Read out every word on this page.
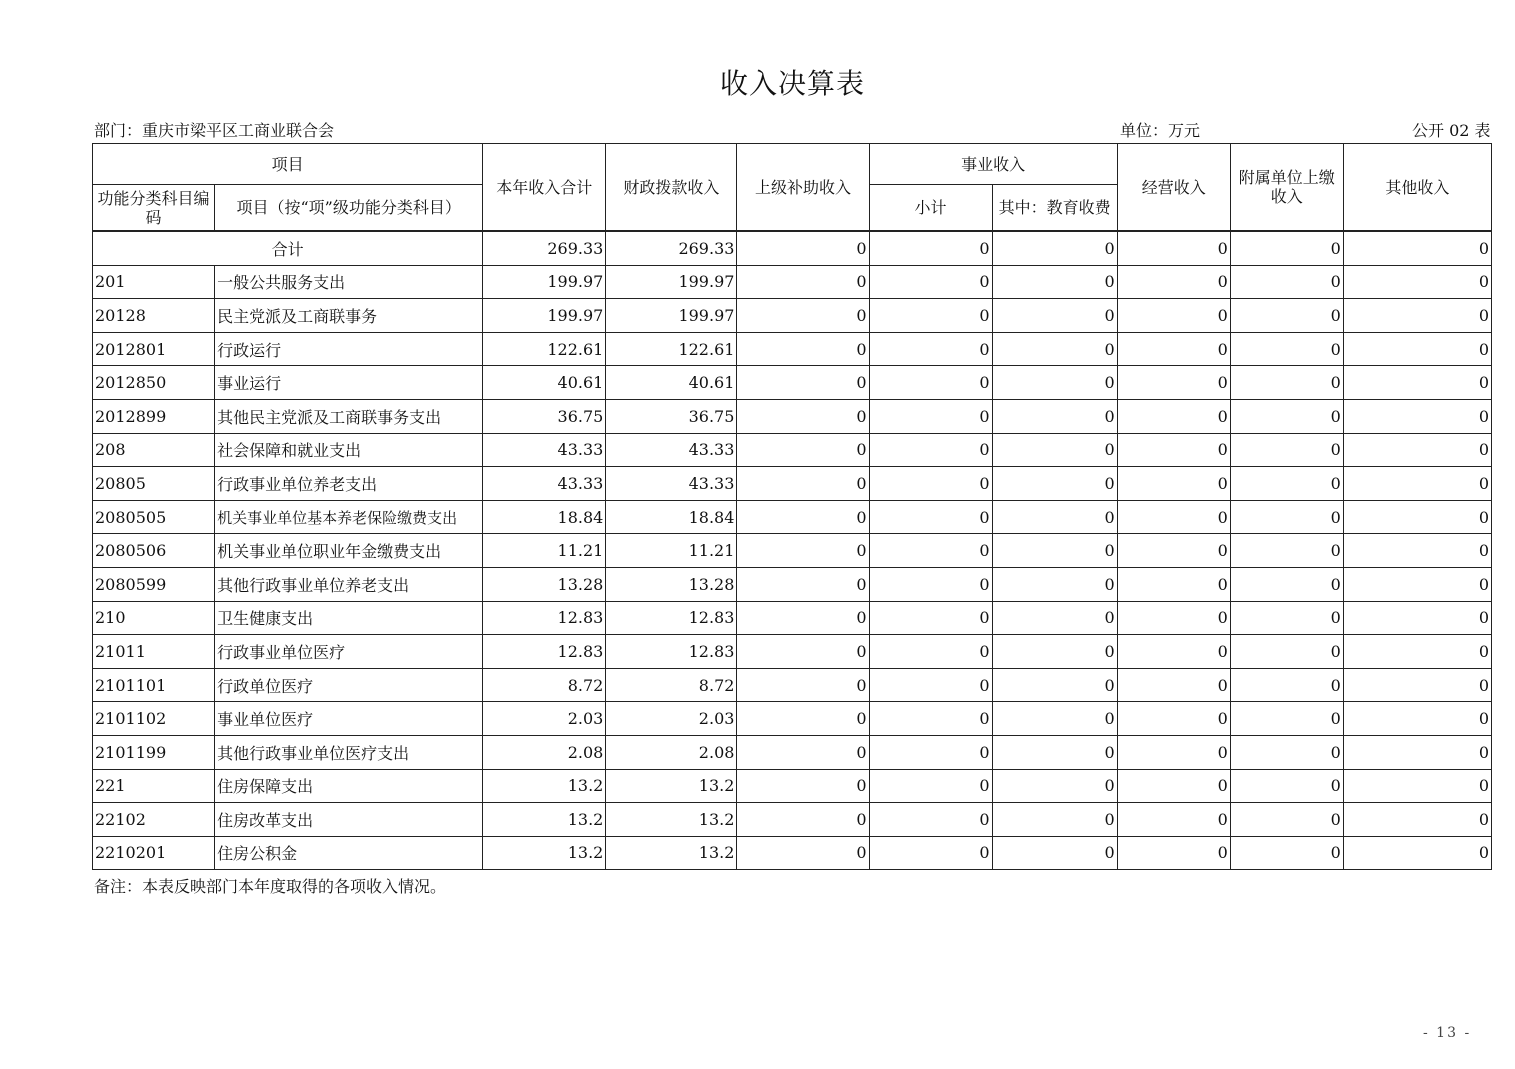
收入决算表
部门：重庆市梁平区工商业联合会	单位：万元	公开 02 表
项目		本年收入合计	财政拨款收入	上级补助收入	事业收入		经营收入	附属单位上缴收入	其他收入
功能分类科目编码	项目（按“项”级功能分类科目）				小计	其中：教育收费			
合计		269.33	269.33	0	0	0	0	0	0
201	一般公共服务支出	199.97	199.97	0	0	0	0	0	0
20128	民主党派及工商联事务	199.97	199.97	0	0	0	0	0	0
2012801	行政运行	122.61	122.61	0	0	0	0	0	0
2012850	事业运行	40.61	40.61	0	0	0	0	0	0
2012899	其他民主党派及工商联事务支出	36.75	36.75	0	0	0	0	0	0
208	社会保障和就业支出	43.33	43.33	0	0	0	0	0	0
20805	行政事业单位养老支出	43.33	43.33	0	0	0	0	0	0
2080505	机关事业单位基本养老保险缴费支出	18.84	18.84	0	0	0	0	0	0
2080506	机关事业单位职业年金缴费支出	11.21	11.21	0	0	0	0	0	0
2080599	其他行政事业单位养老支出	13.28	13.28	0	0	0	0	0	0
210	卫生健康支出	12.83	12.83	0	0	0	0	0	0
21011	行政事业单位医疗	12.83	12.83	0	0	0	0	0	0
2101101	行政单位医疗	8.72	8.72	0	0	0	0	0	0
2101102	事业单位医疗	2.03	2.03	0	0	0	0	0	0
2101199	其他行政事业单位医疗支出	2.08	2.08	0	0	0	0	0	0
221	住房保障支出	13.2	13.2	0	0	0	0	0	0
22102	住房改革支出	13.2	13.2	0	0	0	0	0	0
2210201	住房公积金	13.2	13.2	0	0	0	0	0	0
备注：本表反映部门本年度取得的各项收入情况。
- 13 -
